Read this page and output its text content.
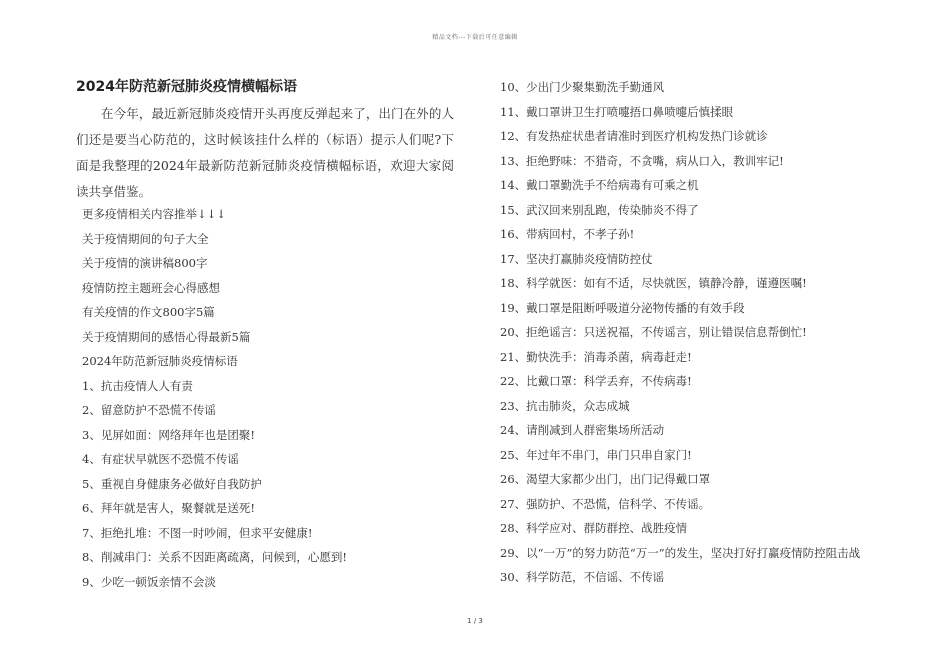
精品文档---下载后可任意编辑
2024年防范新冠肺炎疫情横幅标语

在今年，最近新冠肺炎疫情开头再度反弹起来了，出门在外的人们还是要当心防范的，这时候该挂什么样的（标语）提示人们呢?下面是我整理的2024年最新防范新冠肺炎疫情横幅标语，欢迎大家阅读共享借鉴。

更多疫情相关内容推举↓↓↓
关于疫情期间的句子大全
关于疫情的演讲稿800字
疫情防控主题班会心得感想
有关疫情的作文800字5篇
关于疫情期间的感悟心得最新5篇
2024年防范新冠肺炎疫情标语
1、抗击疫情人人有责
2、留意防护不恐慌不传谣
3、见屏如面：网络拜年也是团聚!
4、有症状早就医不恐慌不传谣
5、重视自身健康务必做好自我防护
6、拜年就是害人，聚餐就是送死!
7、拒绝扎堆：不图一时吵闹，但求平安健康!
8、削减串门：关系不因距离疏离，问候到，心愿到!
9、少吃一顿饭亲情不会淡
10、少出门少聚集勤洗手勤通风
11、戴口罩讲卫生打喷嚏捂口鼻喷嚏后慎揉眼
12、有发热症状患者请准时到医疗机构发热门诊就诊
13、拒绝野味：不猎奇，不贪嘴，病从口入，教训牢记!
14、戴口罩勤洗手不给病毒有可乘之机
15、武汉回来别乱跑，传染肺炎不得了
16、带病回村，不孝子孙!
17、坚决打赢肺炎疫情防控仗
18、科学就医：如有不适，尽快就医，镇静冷静，谨遵医嘱!
19、戴口罩是阻断呼吸道分泌物传播的有效手段
20、拒绝谣言：只送祝福，不传谣言，别让错误信息帮倒忙!
21、勤快洗手：消毒杀菌，病毒赶走!
22、比戴口罩：科学丢弃，不传病毒!
23、抗击肺炎，众志成城
24、请削减到人群密集场所活动
25、年过年不串门，串门只串自家门!
26、渴望大家都少出门，出门记得戴口罩
27、强防护、不恐慌，信科学、不传谣。
28、科学应对、群防群控、战胜疫情
29、以“一万”的努力防范“万一”的发生，坚决打好打赢疫情防控阻击战
30、科学防范，不信谣、不传谣
1 / 3
